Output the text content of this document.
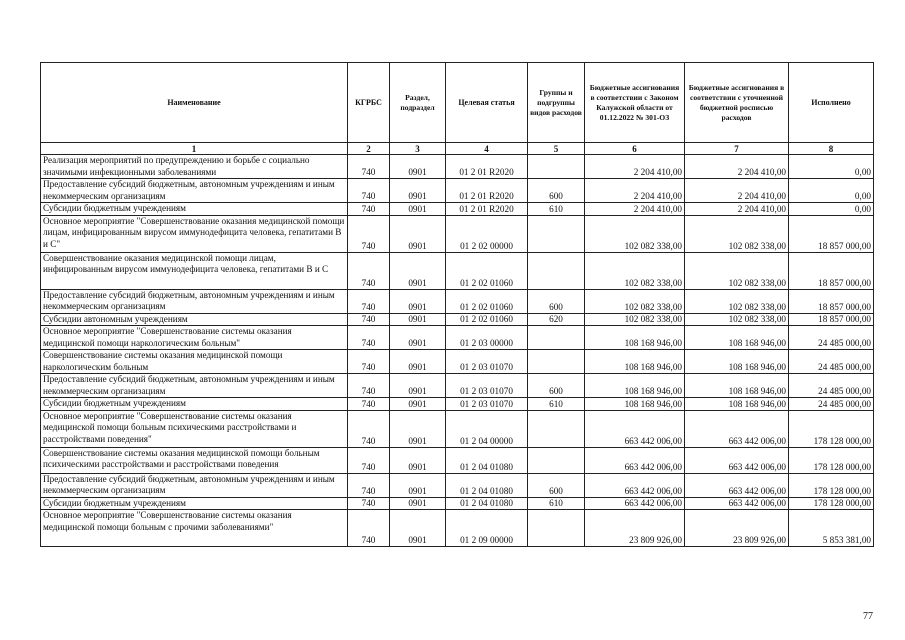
Наименование	КГРБС	Раздел, подраздел	Целевая статья	Группы и подгруппы видов расходов	Бюджетные ассигнования в соответствии с Законом Калужской области от 01.12.2022 № 301-ОЗ	Бюджетные ассигнования в соответствии с уточненной бюджетной росписью расходов	Исполнено
1	2	3	4	5	6	7	8
Реализация мероприятий по предупреждению и борьбе с социально значимыми инфекционными заболеваниями	740	0901	01 2 01 R2020		2 204 410,00	2 204 410,00	0,00
Предоставление субсидий бюджетным, автономным учреждениям и иным некоммерческим организациям	740	0901	01 2 01 R2020	600	2 204 410,00	2 204 410,00	0,00
Субсидии бюджетным учреждениям	740	0901	01 2 01 R2020	610	2 204 410,00	2 204 410,00	0,00
Основное мероприятие "Совершенствование оказания медицинской помощи лицам, инфицированным вирусом иммунодефицита человека, гепатитами В и С"	740	0901	01 2 02 00000		102 082 338,00	102 082 338,00	18 857 000,00
Совершенствование оказания медицинской помощи лицам, инфицированным вирусом иммунодефицита человека, гепатитами В и С	740	0901	01 2 02 01060		102 082 338,00	102 082 338,00	18 857 000,00
Предоставление субсидий бюджетным, автономным учреждениям и иным некоммерческим организациям	740	0901	01 2 02 01060	600	102 082 338,00	102 082 338,00	18 857 000,00
Субсидии автономным учреждениям	740	0901	01 2 02 01060	620	102 082 338,00	102 082 338,00	18 857 000,00
Основное мероприятие "Совершенствование системы оказания медицинской помощи наркологическим больным"	740	0901	01 2 03 00000		108 168 946,00	108 168 946,00	24 485 000,00
Совершенствование системы оказания медицинской помощи наркологическим больным	740	0901	01 2 03 01070		108 168 946,00	108 168 946,00	24 485 000,00
Предоставление субсидий бюджетным, автономным учреждениям и иным некоммерческим организациям	740	0901	01 2 03 01070	600	108 168 946,00	108 168 946,00	24 485 000,00
Субсидии бюджетным учреждениям	740	0901	01 2 03 01070	610	108 168 946,00	108 168 946,00	24 485 000,00
Основное мероприятие "Совершенствование системы оказания медицинской помощи больным психическими расстройствами и расстройствами поведения"	740	0901	01 2 04 00000		663 442 006,00	663 442 006,00	178 128 000,00
Совершенствование системы оказания медицинской помощи больным психическими расстройствами и расстройствами поведения	740	0901	01 2 04 01080		663 442 006,00	663 442 006,00	178 128 000,00
Предоставление субсидий бюджетным, автономным учреждениям и иным некоммерческим организациям	740	0901	01 2 04 01080	600	663 442 006,00	663 442 006,00	178 128 000,00
Субсидии бюджетным учреждениям	740	0901	01 2 04 01080	610	663 442 006,00	663 442 006,00	178 128 000,00
Основное мероприятие "Совершенствование системы оказания медицинской помощи больным с прочими заболеваниями"	740	0901	01 2 09 00000		23 809 926,00	23 809 926,00	5 853 381,00
77
